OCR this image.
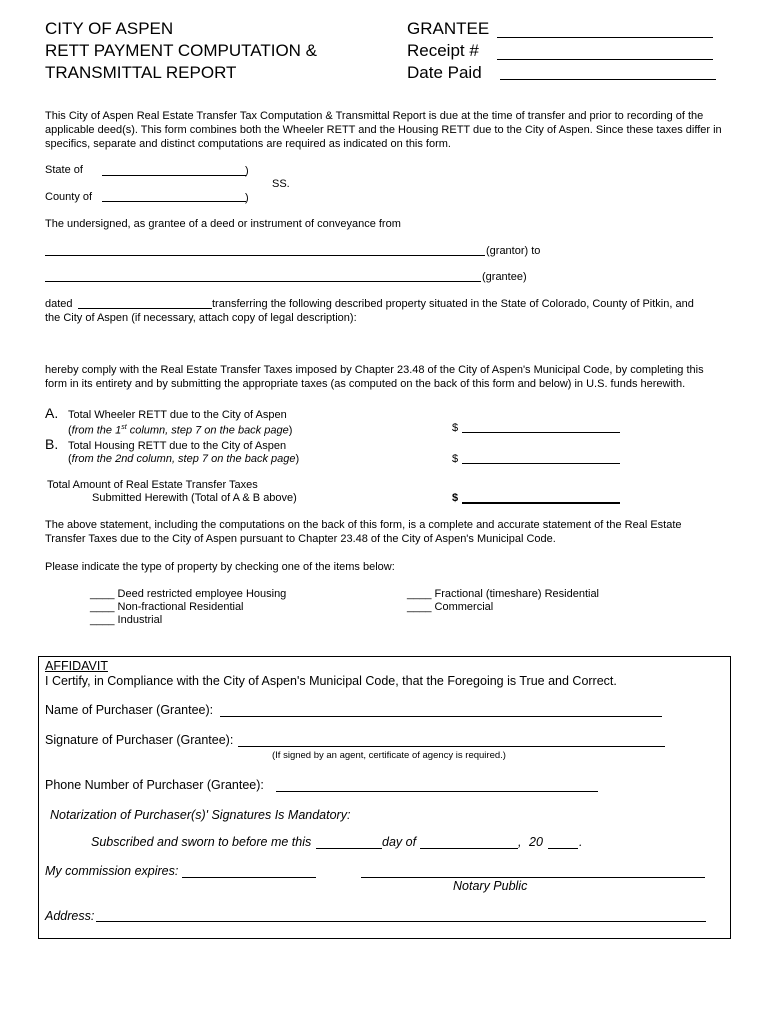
CITY OF ASPEN
RETT PAYMENT COMPUTATION &
TRANSMITTAL REPORT
GRANTEE
Receipt #
Date Paid
This City of Aspen Real Estate Transfer Tax Computation & Transmittal Report is due at the time of transfer and prior to recording of the applicable deed(s). This form combines both the Wheeler RETT and the Housing RETT due to the City of Aspen. Since these taxes differ in specifics, separate and distinct computations are required as indicated on this form.
State of	)
SS.
County of	)
The undersigned, as grantee of a deed or instrument of conveyance from
(grantor) to
(grantee)
dated	transferring the following described property situated in the State of Colorado, County of Pitkin, and
the City of Aspen (if necessary, attach copy of legal description):
hereby comply with the Real Estate Transfer Taxes imposed by Chapter 23.48 of the City of Aspen's Municipal Code, by completing this form in its entirety and by submitting the appropriate taxes (as computed on the back of this form and below) in U.S. funds herewith.
A. Total Wheeler RETT due to the City of Aspen
(from the 1st column, step 7 on the back page)	$
B. Total Housing RETT due to the City of Aspen
(from the 2nd column, step 7 on the back page)	$
Total Amount of Real Estate Transfer Taxes
Submitted Herewith (Total of A & B above)	$
The above statement, including the computations on the back of this form, is a complete and accurate statement of the Real Estate Transfer Taxes due to the City of Aspen pursuant to Chapter 23.48 of the City of Aspen's Municipal Code.
Please indicate the type of property by checking one of the items below:
____ Deed restricted employee Housing
____ Non-fractional Residential
____ Industrial
____ Fractional (timeshare) Residential
____ Commercial
AFFIDAVIT
I Certify, in Compliance with the City of Aspen's Municipal Code, that the Foregoing is True and Correct.
Name of Purchaser (Grantee):
Signature of Purchaser (Grantee):
(If signed by an agent, certificate of agency is required.)
Phone Number of Purchaser (Grantee):
Notarization of Purchaser(s)' Signatures Is Mandatory:
Subscribed and sworn to before me this	day of	, 20	.
My commission expires:
Notary Public
Address:
